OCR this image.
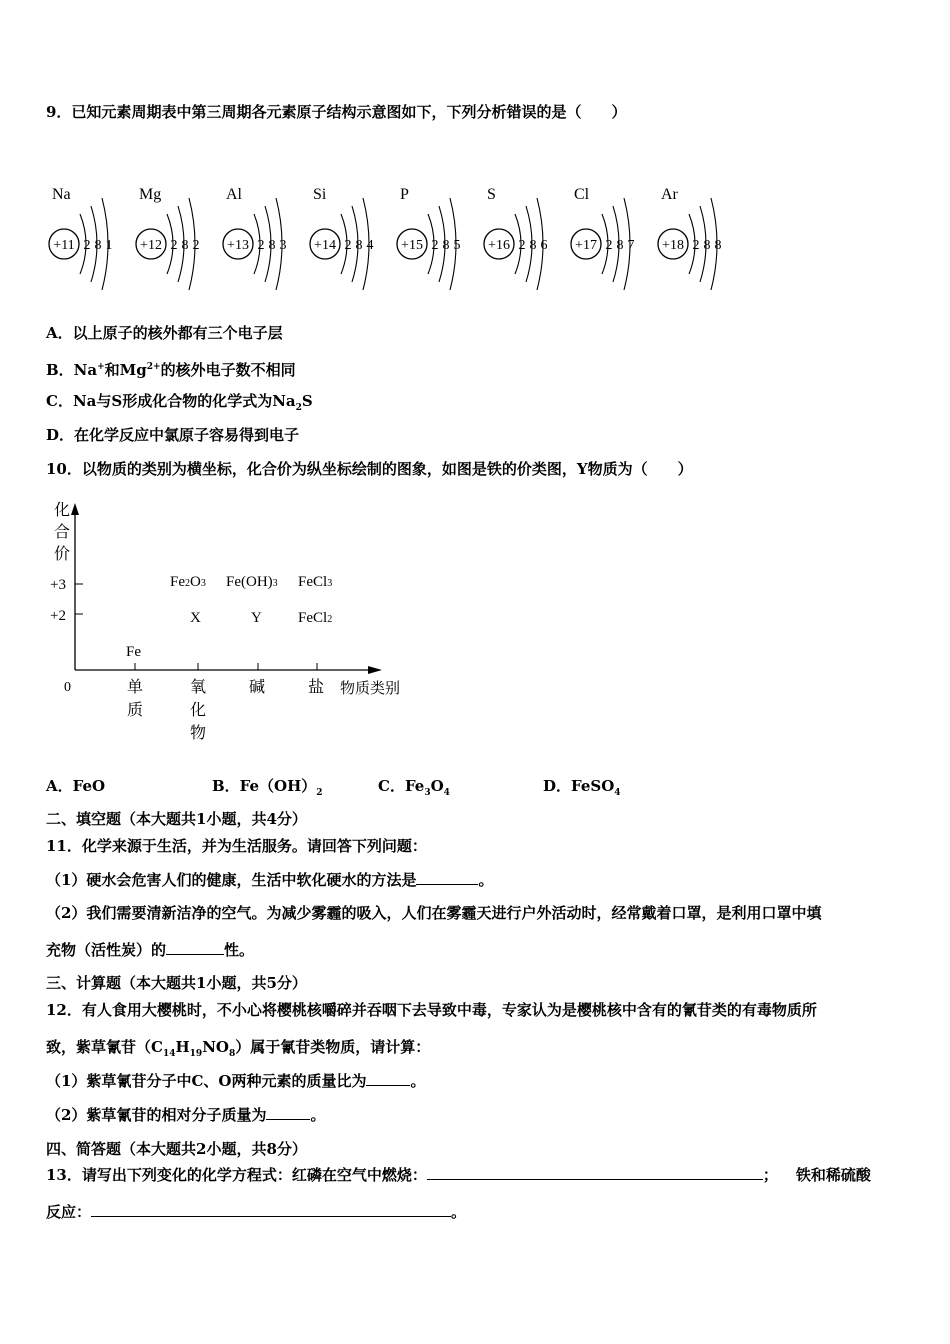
9．已知元素周期表中第三周期各元素原子结构示意图如下，下列分析错误的是（　　）
Na
+11 2 8 1
Mg
+12 2 8 2
Al
+13 2 8 3
Si
+14 2 8 4
P
+15 2 8 5
S
+16 2 8 6
Cl
+17 2 8 7
Ar
+18 2 8 8
A．以上原子的核外都有三个电子层
B．Na+和$Mg^{2+}$的核外电子数不相同
C．Na与S形成化合物的化学式为$Na_2S$
D．在化学反应中氯原子容易得到电子
10．以物质的类别为横坐标，化合价为纵坐标绘制的图象，如图是铁的价类图，Y物质为（　　）
化
合
价
+3
+2
0	单
质
氧
化
物
碱	盐 物质类别
Fe
Fe2O3 Fe(OH)3 FeCl3
X	Y FeCl2
A．FeO	B．$Fe(OH)_2$	C．$Fe_3O_4$	D．FeSO$_4$
二、填空题（本大题共1小题，共4分）
11．化学来源于生活，并为生活服务。请回答下列问题：
（1）硬水会危害人们的健康，生活中软化硬水的方法是	。
（2）我们需要清新洁净的空气。为减少雾霾的吸入，人们在雾霾天进行户外活动时，经常戴着口罩，是利用口罩中填
充物（活性炭）的	性。
三、计算题（本大题共1小题，共5分）
12．有人食用大樱桃时，不小心将樱桃核嚼碎并吞咽下去导致中毒，专家认为是樱桃核中含有的氰苷类的有毒物质所
致，紫草氰苷$(C_{14}H_{19}NO_8)$属于氰苷类物质，请计算：
（1）紫草氰苷分子中C、O两种元素的质量比为	。
（2）紫草氰苷的相对分子质量为	。
四、简答题（本大题共2小题，共8分）
13．请写出下列变化的化学方程式：红磷在空气中燃烧：	； 铁和稀硫酸
反应：	。
